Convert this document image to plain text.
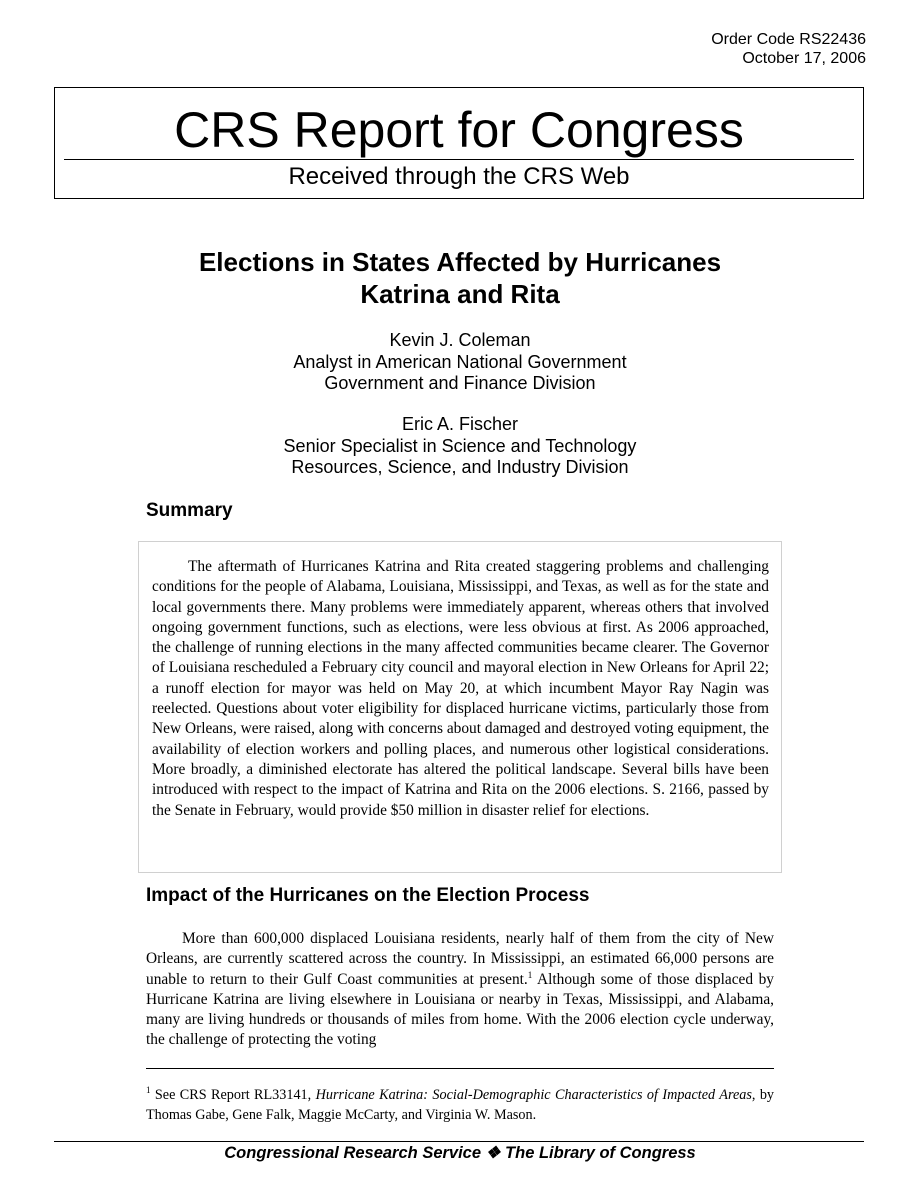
Order Code RS22436
October 17, 2006
CRS Report for Congress
Received through the CRS Web
Elections in States Affected by Hurricanes
Katrina and Rita
Kevin J. Coleman
Analyst in American National Government
Government and Finance Division
Eric A. Fischer
Senior Specialist in Science and Technology
Resources, Science, and Industry Division
Summary

The aftermath of Hurricanes Katrina and Rita created staggering problems and challenging conditions for the people of Alabama, Louisiana, Mississippi, and Texas, as well as for the state and local governments there. Many problems were immediately apparent, whereas others that involved ongoing government functions, such as elections, were less obvious at first. As 2006 approached, the challenge of running elections in the many affected communities became clearer. The Governor of Louisiana rescheduled a February city council and mayoral election in New Orleans for April 22; a runoff election for mayor was held on May 20, at which incumbent Mayor Ray Nagin was reelected. Questions about voter eligibility for displaced hurricane victims, particularly those from New Orleans, were raised, along with concerns about damaged and destroyed voting equipment, the availability of election workers and polling places, and numerous other logistical considerations. More broadly, a diminished electorate has altered the political landscape. Several bills have been introduced with respect to the impact of Katrina and Rita on the 2006 elections. S. 2166, passed by the Senate in February, would provide $50 million in disaster relief for elections.

Impact of the Hurricanes on the Election Process

More than 600,000 displaced Louisiana residents, nearly half of them from the city of New Orleans, are currently scattered across the country. In Mississippi, an estimated 66,000 persons are unable to return to their Gulf Coast communities at present.$^1$ Although some of those displaced by Hurricane Katrina are living elsewhere in Louisiana or nearby in Texas, Mississippi, and Alabama, many are living hundreds or thousands of miles from home. With the 2006 election cycle underway, the challenge of protecting the voting

$^1$ See CRS Report RL33141, Hurricane Katrina: Social-Demographic Characteristics of Impacted Areas, by Thomas Gabe, Gene Falk, Maggie McCarty, and Virginia W. Mason.

Congressional Research Service ❖ The Library of Congress
